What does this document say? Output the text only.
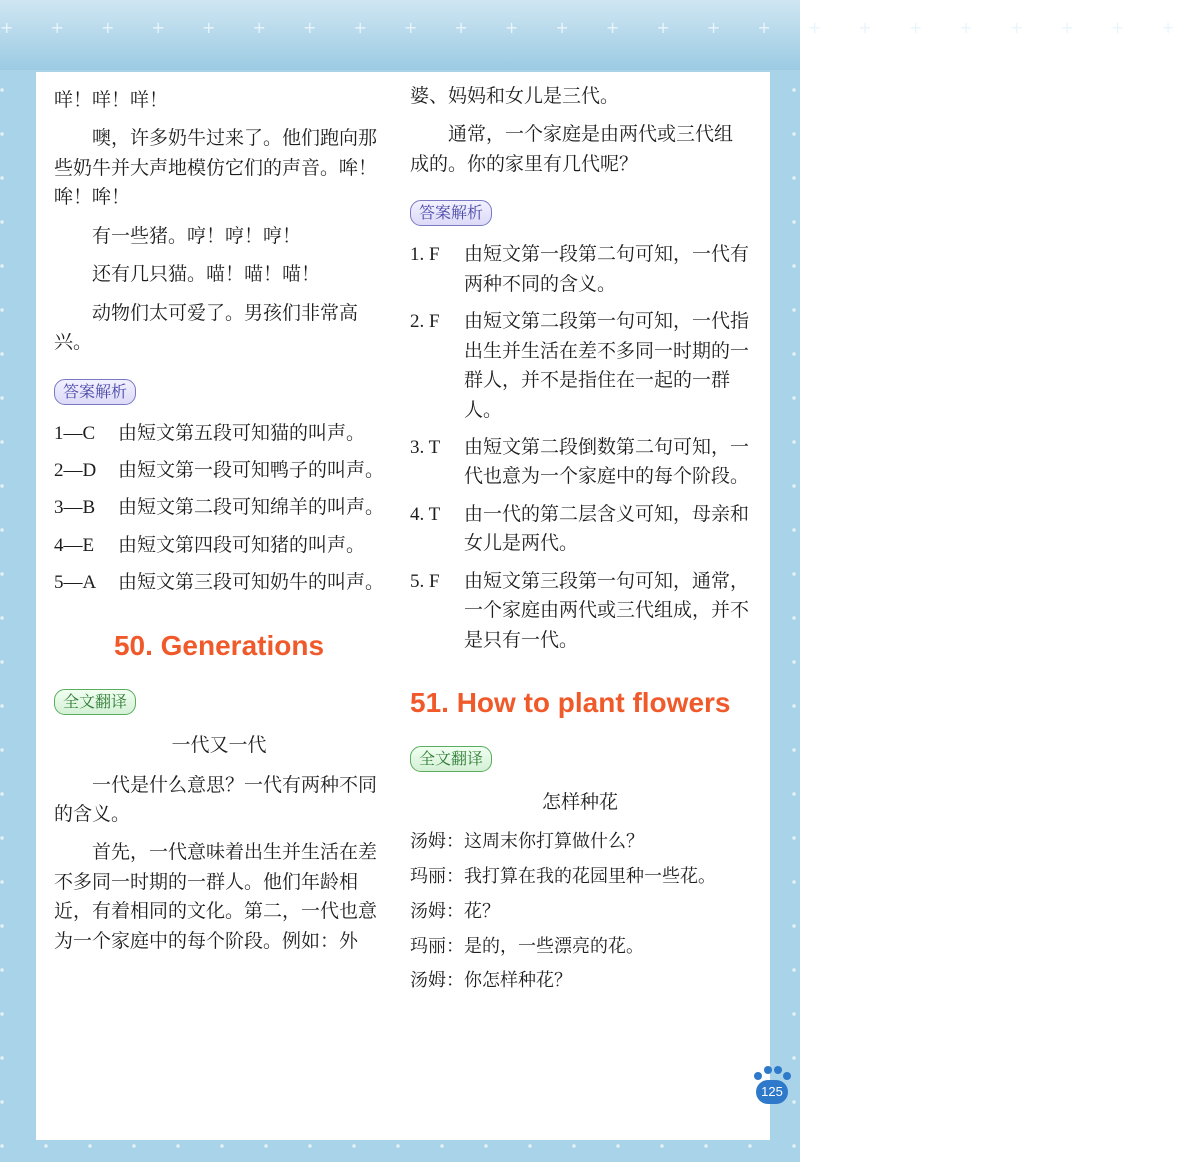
+ + + + + + + + + + + + + + + + + + + + + + + +

咩！咩！咩！

噢，许多奶牛过来了。他们跑向那些奶牛并大声地模仿它们的声音。哞！哞！哞！

有一些猪。哼！哼！哼！

还有几只猫。喵！喵！喵！

动物们太可爱了。男孩们非常高兴。

答案解析
1—C	由短文第五段可知猫的叫声。
2—D	由短文第一段可知鸭子的叫声。
3—B	由短文第二段可知绵羊的叫声。
4—E	由短文第四段可知猪的叫声。
5—A	由短文第三段可知奶牛的叫声。
50. Generations
全文翻译

一代又一代

一代是什么意思？一代有两种不同的含义。

首先，一代意味着出生并生活在差不多同一时期的一群人。他们年龄相近，有着相同的文化。第二，一代也意为一个家庭中的每个阶段。例如：外

婆、妈妈和女儿是三代。

通常，一个家庭是由两代或三代组成的。你的家里有几代呢？

答案解析
1. F	由短文第一段第二句可知，一代有两种不同的含义。
2. F	由短文第二段第一句可知，一代指出生并生活在差不多同一时期的一群人，并不是指住在一起的一群人。
3. T	由短文第二段倒数第二句可知，一代也意为一个家庭中的每个阶段。
4. T	由一代的第二层含义可知，母亲和女儿是两代。
5. F	由短文第三段第一句可知，通常，一个家庭由两代或三代组成，并不是只有一代。
51. How to plant flowers
全文翻译

怎样种花

汤姆：这周末你打算做什么？

玛丽：我打算在我的花园里种一些花。

汤姆：花？

玛丽：是的，一些漂亮的花。

汤姆：你怎样种花？

125
